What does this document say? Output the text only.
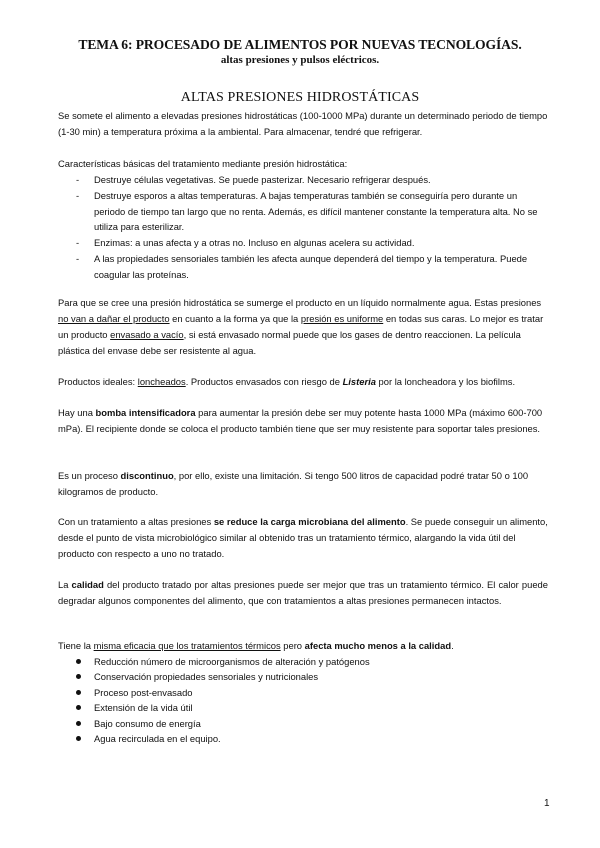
TEMA 6: PROCESADO DE ALIMENTOS POR NUEVAS TECNOLOGÍAS.
altas presiones y pulsos eléctricos.
ALTAS PRESIONES HIDROSTÁTICAS
Se somete el alimento a elevadas presiones hidrostáticas (100-1000 MPa) durante un determinado periodo de tiempo (1-30 min) a temperatura próxima a la ambiental. Para almacenar, tendré que refrigerar.
Características básicas del tratamiento mediante presión hidrostática:
- Destruye células vegetativas. Se puede pasterizar. Necesario refrigerar después.
- Destruye esporos a altas temperaturas. A bajas temperaturas también se conseguiría pero durante un periodo de tiempo tan largo que no renta. Además, es difícil mantener constante la temperatura alta. No se utiliza para esterilizar.
- Enzimas: a unas afecta y a otras no. Incluso en algunas acelera su actividad.
- A las propiedades sensoriales también les afecta aunque dependerá del tiempo y la temperatura. Puede coagular las proteínas.
Para que se cree una presión hidrostática se sumerge el producto en un líquido normalmente agua. Estas presiones no van a dañar el producto en cuanto a la forma ya que la presión es uniforme en todas sus caras. Lo mejor es tratar un producto envasado a vacío, si está envasado normal puede que los gases de dentro reaccionen. La película plástica del envase debe ser resistente al agua.
Productos ideales: loncheados. Productos envasados con riesgo de Listeria por la loncheadora y los biofilms.
Hay una bomba intensificadora para aumentar la presión debe ser muy potente hasta 1000 MPa (máximo 600-700 mPa). El recipiente donde se coloca el producto también tiene que ser muy resistente para soportar tales presiones.
Es un proceso discontinuo, por ello, existe una limitación. Si tengo 500 litros de capacidad podré tratar 50 o 100 kilogramos de producto.
Con un tratamiento a altas presiones se reduce la carga microbiana del alimento. Se puede conseguir un alimento, desde el punto de vista microbiológico similar al obtenido tras un tratamiento térmico, alargando la vida útil del producto con respecto a uno no tratado.
La calidad del producto tratado por altas presiones puede ser mejor que tras un tratamiento térmico. El calor puede degradar algunos componentes del alimento, que con tratamientos a altas presiones permanecen intactos.
Tiene la misma eficacia que los tratamientos térmicos pero afecta mucho menos a la calidad.
Reducción número de microorganismos de alteración y patógenos
Conservación propiedades sensoriales y nutricionales
Proceso post-envasado
Extensión de la vida útil
Bajo consumo de energía
Agua recirculada en el equipo.
1
